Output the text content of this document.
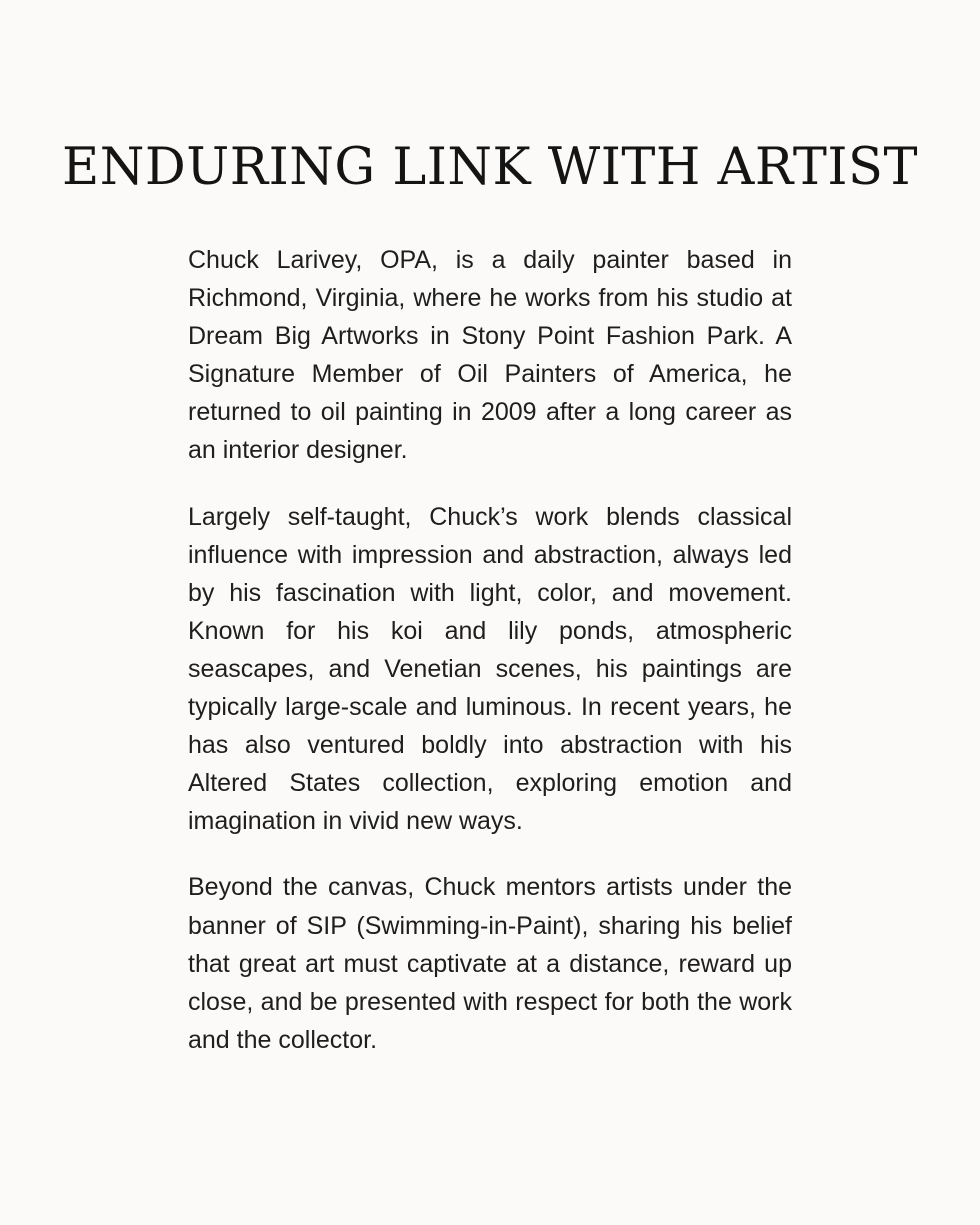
ENDURING LINK WITH ARTIST

Chuck Larivey, OPA, is a daily painter based in Richmond, Virginia, where he works from his studio at Dream Big Artworks in Stony Point Fashion Park. A Signature Member of Oil Painters of America, he returned to oil painting in 2009 after a long career as an interior designer.

Largely self-taught, Chuck’s work blends classical influence with impression and abstraction, always led by his fascination with light, color, and movement. Known for his koi and lily ponds, atmospheric seascapes, and Venetian scenes, his paintings are typically large-scale and luminous. In recent years, he has also ventured boldly into abstraction with his Altered States collection, exploring emotion and imagination in vivid new ways.

Beyond the canvas, Chuck mentors artists under the banner of SIP (Swimming-in-Paint), sharing his belief that great art must captivate at a distance, reward up close, and be presented with respect for both the work and the collector.
